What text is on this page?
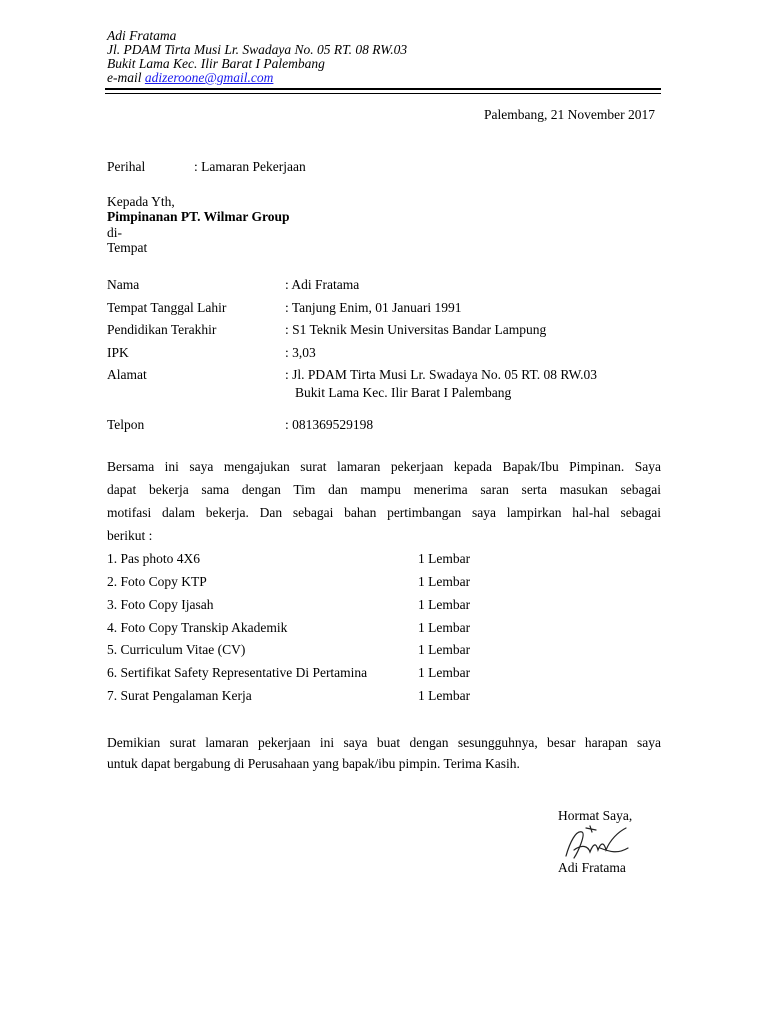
Adi Fratama
Jl. PDAM Tirta Musi Lr. Swadaya No. 05 RT. 08 RW.03
Bukit Lama Kec. Ilir Barat I Palembang
e-mail adizeroone@gmail.com
Palembang, 21 November 2017
Perihal	: Lamaran Pekerjaan
Kepada Yth,
Pimpinanan PT. Wilmar Group
di-
Tempat
Nama	: Adi Fratama
Tempat Tanggal Lahir	: Tanjung Enim, 01 Januari 1991
Pendidikan Terakhir	: S1 Teknik Mesin Universitas Bandar Lampung
IPK	: 3,03
Alamat	: Jl. PDAM Tirta Musi Lr. Swadaya No. 05 RT. 08 RW.03
Bukit Lama Kec. Ilir Barat I Palembang
Telpon	: 081369529198
Bersama ini saya mengajukan surat lamaran pekerjaan kepada Bapak/Ibu Pimpinan. Saya
dapat bekerja sama dengan Tim dan mampu menerima saran serta masukan sebagai
motifasi dalam bekerja. Dan sebagai bahan pertimbangan saya lampirkan hal-hal sebagai
berikut :
1. Pas photo 4X6	1 Lembar
2. Foto Copy KTP	1 Lembar
3. Foto Copy Ijasah	1 Lembar
4. Foto Copy Transkip Akademik	1 Lembar
5. Curriculum Vitae (CV)	1 Lembar
6. Sertifikat Safety Representative Di Pertamina	1 Lembar
7. Surat Pengalaman Kerja	1 Lembar
Demikian surat lamaran pekerjaan ini saya buat dengan sesungguhnya, besar harapan saya
untuk dapat bergabung di Perusahaan yang bapak/ibu pimpin. Terima Kasih.
Hormat Saya,
Adi Fratama
